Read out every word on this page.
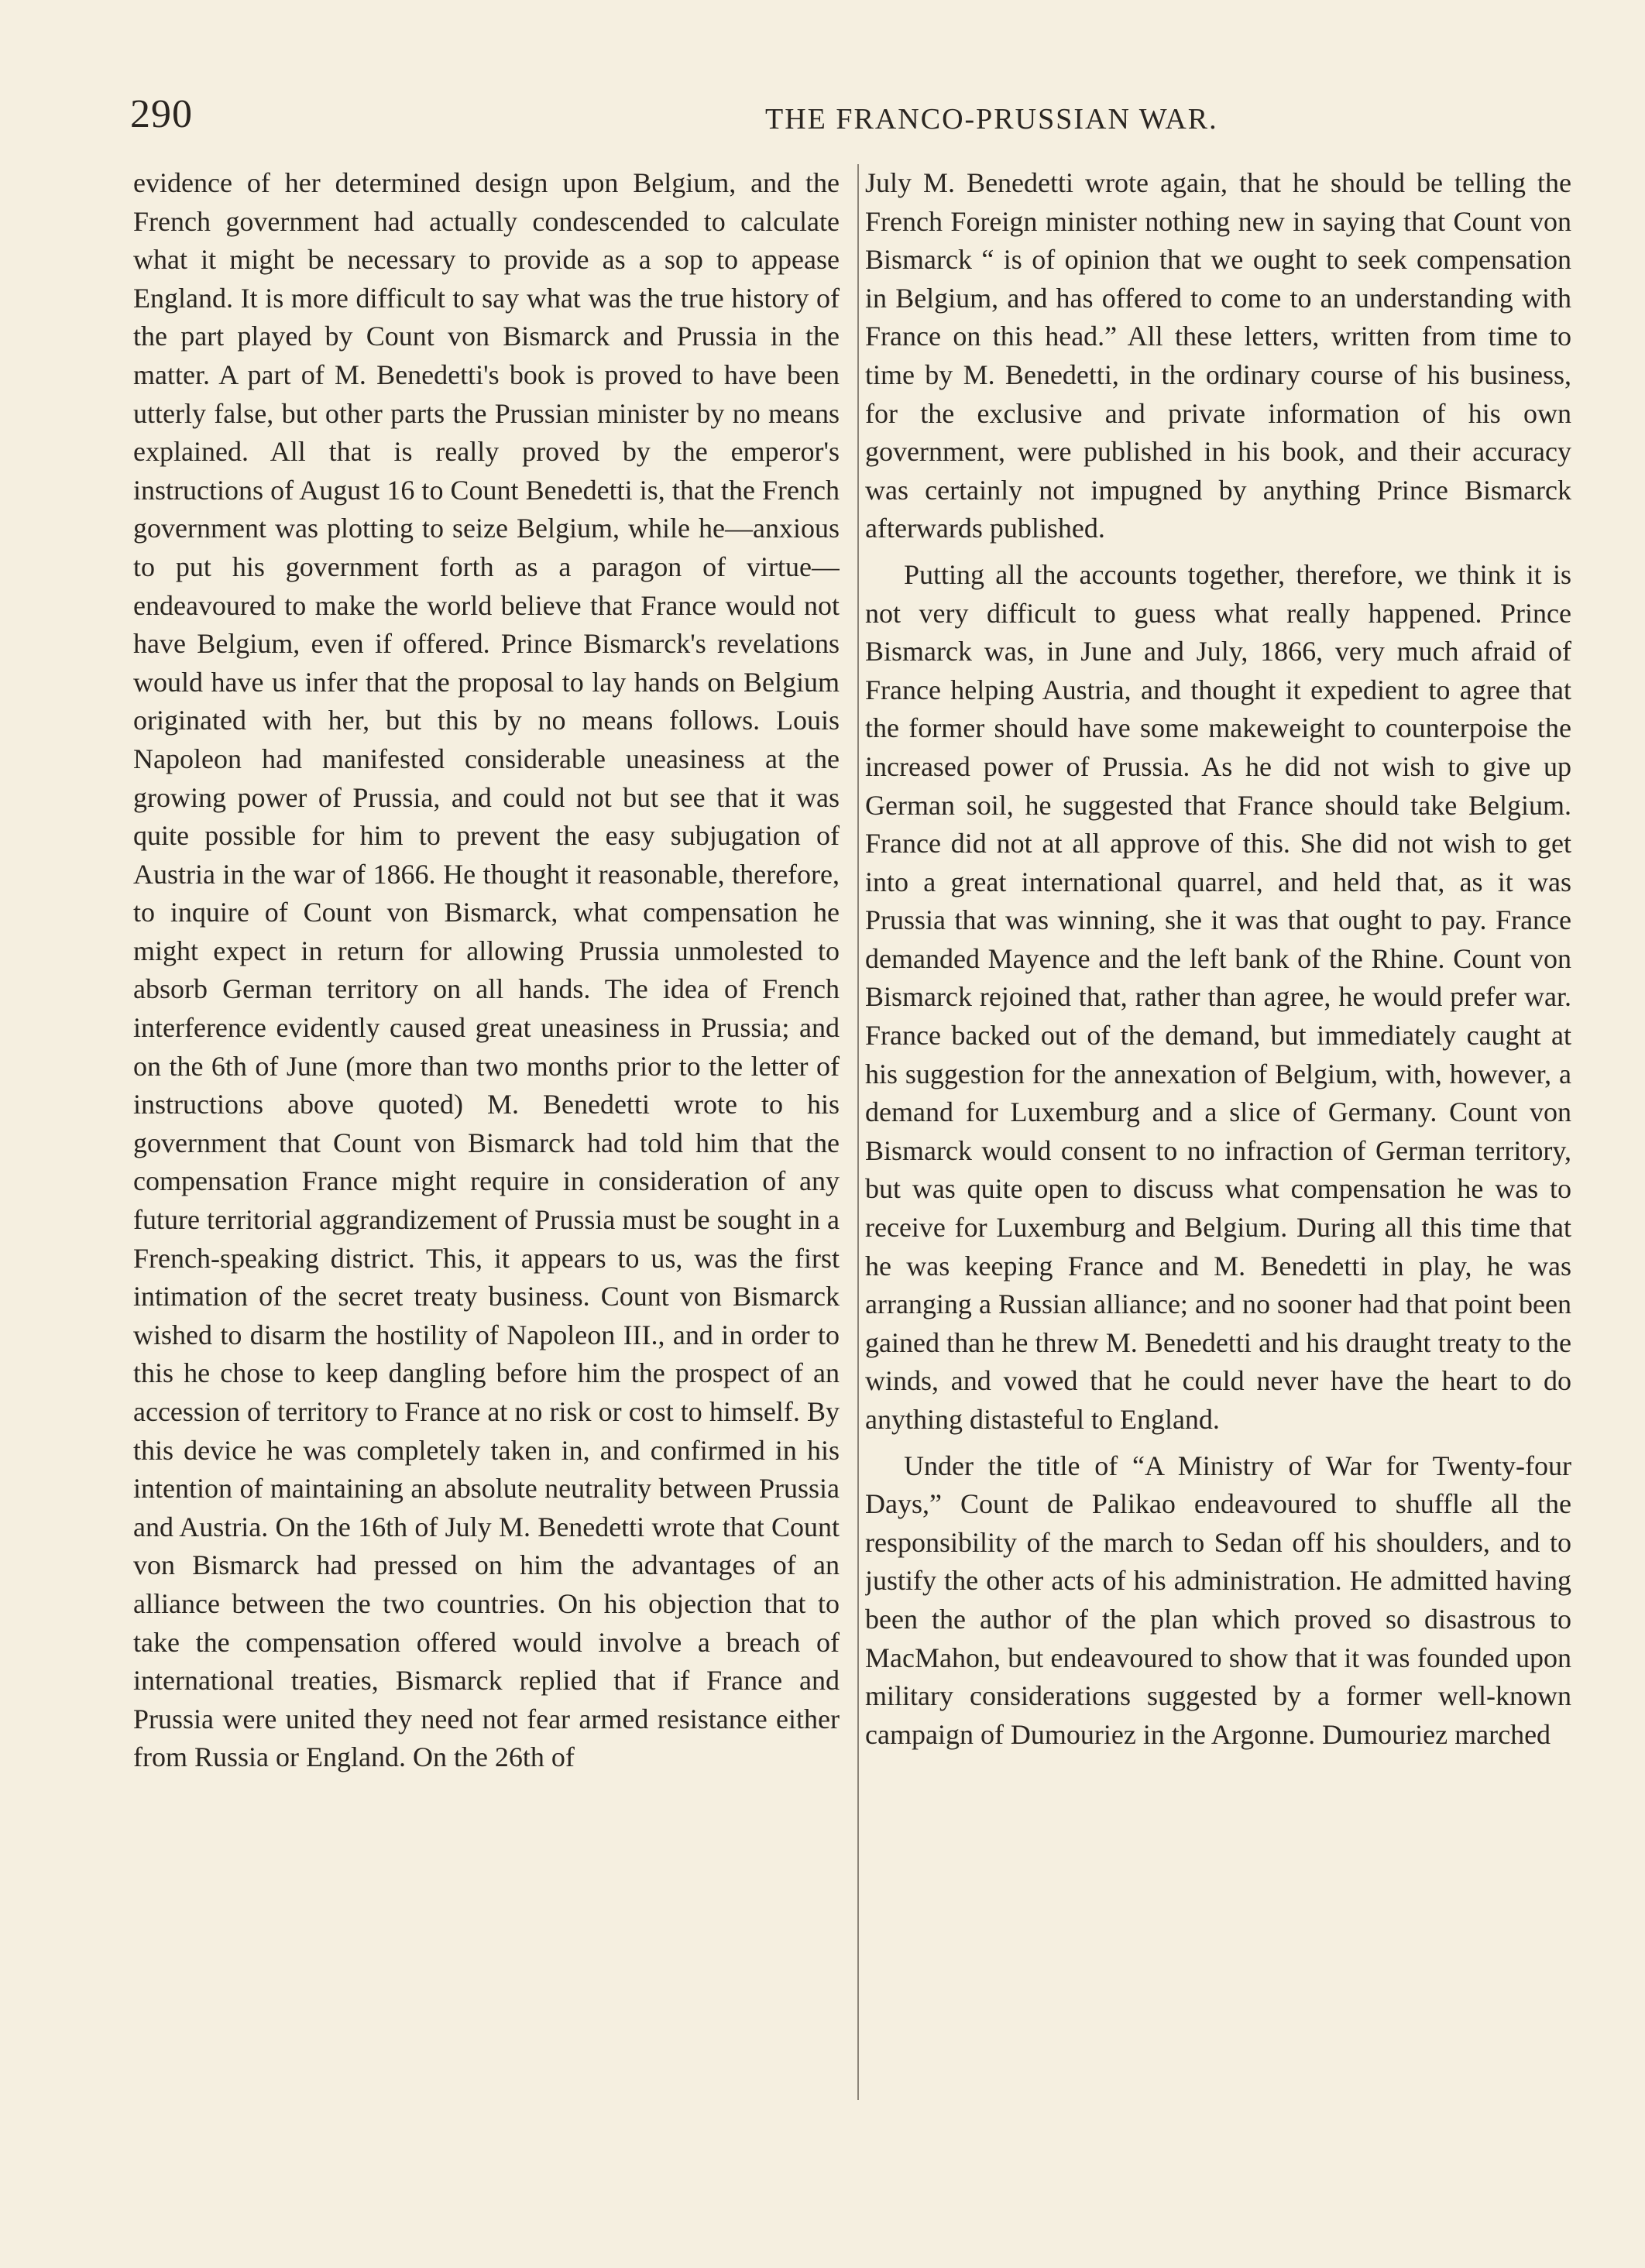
290	THE FRANCO-PRUSSIAN WAR.

evidence of her determined design upon Belgium, and the French government had actually condescended to calculate what it might be necessary to provide as a sop to appease England. It is more difficult to say what was the true history of the part played by Count von Bismarck and Prussia in the matter. A part of M. Benedetti's book is proved to have been utterly false, but other parts the Prussian minister by no means explained. All that is really proved by the emperor's instructions of August 16 to Count Benedetti is, that the French government was plotting to seize Belgium, while he—anxious to put his government forth as a paragon of virtue—endeavoured to make the world believe that France would not have Belgium, even if offered. Prince Bismarck's revelations would have us infer that the proposal to lay hands on Belgium originated with her, but this by no means follows. Louis Napoleon had manifested considerable uneasiness at the growing power of Prussia, and could not but see that it was quite possible for him to prevent the easy subjugation of Austria in the war of 1866. He thought it reasonable, therefore, to inquire of Count von Bismarck, what compensation he might expect in return for allowing Prussia unmolested to absorb German territory on all hands. The idea of French interference evidently caused great uneasiness in Prussia; and on the 6th of June (more than two months prior to the letter of instructions above quoted) M. Benedetti wrote to his government that Count von Bismarck had told him that the compensation France might require in consideration of any future territorial aggrandizement of Prussia must be sought in a French-speaking district. This, it appears to us, was the first intimation of the secret treaty business. Count von Bismarck wished to disarm the hostility of Napoleon III., and in order to this he chose to keep dangling before him the prospect of an accession of territory to France at no risk or cost to himself. By this device he was completely taken in, and confirmed in his intention of maintaining an absolute neutrality between Prussia and Austria. On the 16th of July M. Benedetti wrote that Count von Bismarck had pressed on him the advantages of an alliance between the two countries. On his objection that to take the compensation offered would involve a breach of international treaties, Bismarck replied that if France and Prussia were united they need not fear armed resistance either from Russia or England. On the 26th of

July M. Benedetti wrote again, that he should be telling the French Foreign minister nothing new in saying that Count von Bismarck “ is of opinion that we ought to seek compensation in Belgium, and has offered to come to an understanding with France on this head.” All these letters, written from time to time by M. Benedetti, in the ordinary course of his business, for the exclusive and private information of his own government, were published in his book, and their accuracy was certainly not impugned by anything Prince Bismarck afterwards published.

Putting all the accounts together, therefore, we think it is not very difficult to guess what really happened. Prince Bismarck was, in June and July, 1866, very much afraid of France helping Austria, and thought it expedient to agree that the former should have some makeweight to counterpoise the increased power of Prussia. As he did not wish to give up German soil, he suggested that France should take Belgium. France did not at all approve of this. She did not wish to get into a great international quarrel, and held that, as it was Prussia that was winning, she it was that ought to pay. France demanded Mayence and the left bank of the Rhine. Count von Bismarck rejoined that, rather than agree, he would prefer war. France backed out of the demand, but immediately caught at his suggestion for the annexation of Belgium, with, however, a demand for Luxemburg and a slice of Germany. Count von Bismarck would consent to no infraction of German territory, but was quite open to discuss what compensation he was to receive for Luxemburg and Belgium. During all this time that he was keeping France and M. Benedetti in play, he was arranging a Russian alliance; and no sooner had that point been gained than he threw M. Benedetti and his draught treaty to the winds, and vowed that he could never have the heart to do anything distasteful to England.

Under the title of “A Ministry of War for Twenty-four Days,” Count de Palikao endeavoured to shuffle all the responsibility of the march to Sedan off his shoulders, and to justify the other acts of his administration. He admitted having been the author of the plan which proved so disastrous to MacMahon, but endeavoured to show that it was founded upon military considerations suggested by a former well-known campaign of Dumouriez in the Argonne. Dumouriez marched
